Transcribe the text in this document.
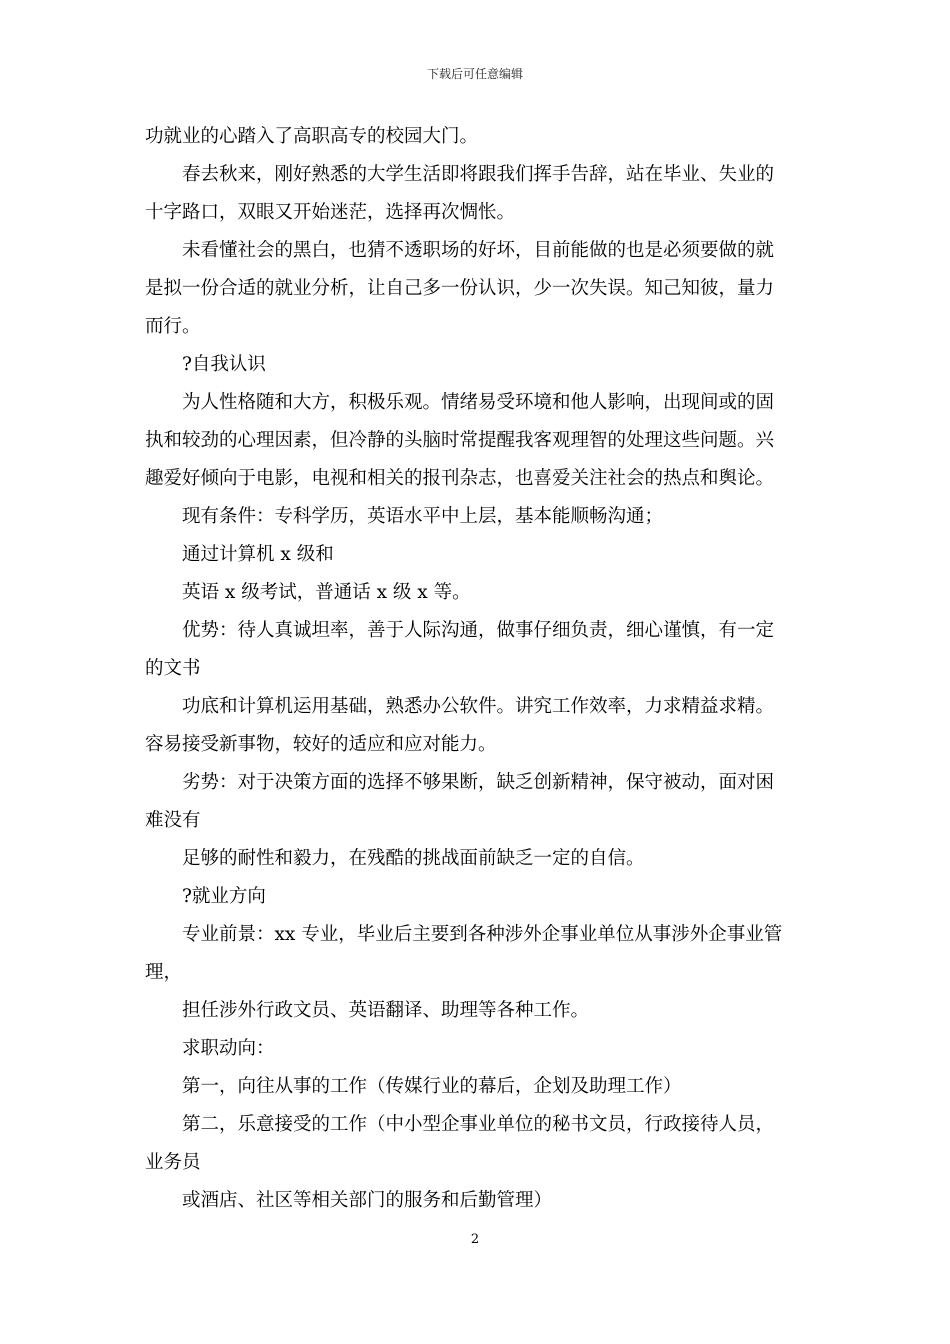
下载后可任意编辑
功就业的心踏入了高职高专的校园大门。
春去秋来，刚好熟悉的大学生活即将跟我们挥手告辞，站在毕业、失业的
十字路口，双眼又开始迷茫，选择再次惆怅。
未看懂社会的黑白，也猜不透职场的好坏，目前能做的也是必须要做的就
是拟一份合适的就业分析，让自己多一份认识，少一次失误。知己知彼，量力
而行。
?自我认识
为人性格随和大方，积极乐观。情绪易受环境和他人影响，出现间或的固
执和较劲的心理因素，但冷静的头脑时常提醒我客观理智的处理这些问题。兴
趣爱好倾向于电影，电视和相关的报刊杂志，也喜爱关注社会的热点和舆论。
现有条件：专科学历，英语水平中上层，基本能顺畅沟通；
通过计算机 x 级和
英语 x 级考试，普通话 x 级 x 等。
优势：待人真诚坦率，善于人际沟通，做事仔细负责，细心谨慎，有一定
的文书
功底和计算机运用基础，熟悉办公软件。讲究工作效率，力求精益求精。
容易接受新事物，较好的适应和应对能力。
劣势：对于决策方面的选择不够果断，缺乏创新精神，保守被动，面对困
难没有
足够的耐性和毅力，在残酷的挑战面前缺乏一定的自信。
?就业方向
专业前景：xx 专业，毕业后主要到各种涉外企事业单位从事涉外企事业管
理，
担任涉外行政文员、英语翻译、助理等各种工作。
求职动向：
第一，向往从事的工作（传媒行业的幕后，企划及助理工作）
第二，乐意接受的工作（中小型企事业单位的秘书文员，行政接待人员，
业务员
或酒店、社区等相关部门的服务和后勤管理）
2
